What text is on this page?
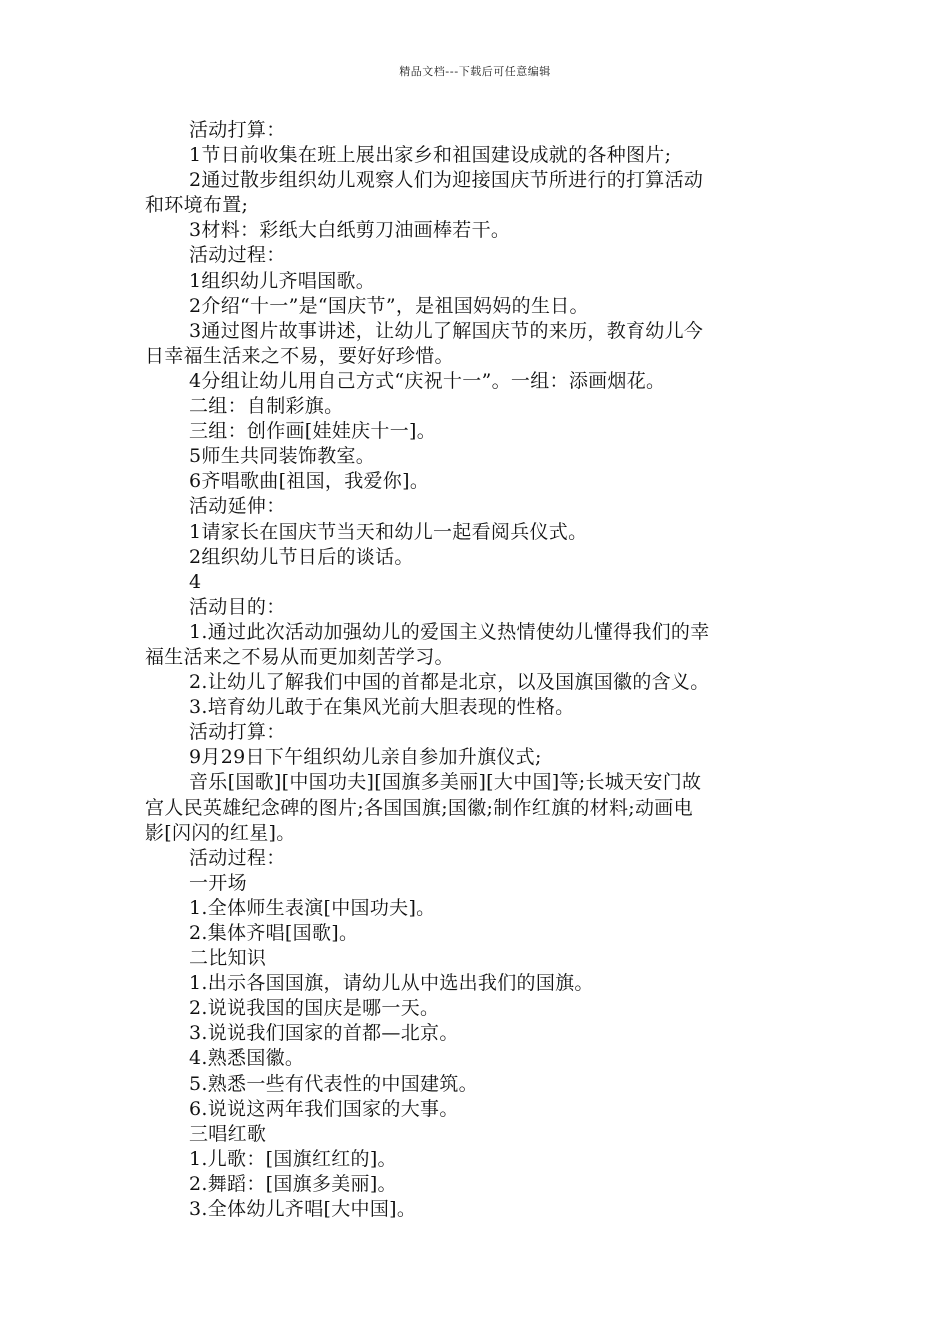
精品文档---下载后可任意编辑
活动打算：
1节日前收集在班上展出家乡和祖国建设成就的各种图片;
2通过散步组织幼儿观察人们为迎接国庆节所进行的打算活动
和环境布置;
3材料：彩纸大白纸剪刀油画棒若干。
活动过程：
1组织幼儿齐唱国歌。
2介绍“十一”是“国庆节”，是祖国妈妈的生日。
3通过图片故事讲述，让幼儿了解国庆节的来历，教育幼儿今
日幸福生活来之不易，要好好珍惜。
4分组让幼儿用自己方式“庆祝十一”。一组：添画烟花。
二组：自制彩旗。
三组：创作画[娃娃庆十一]。
5师生共同装饰教室。
6齐唱歌曲[祖国，我爱你]。
活动延伸：
1请家长在国庆节当天和幼儿一起看阅兵仪式。
2组织幼儿节日后的谈话。
4
活动目的：
1.通过此次活动加强幼儿的爱国主义热情使幼儿懂得我们的幸
福生活来之不易从而更加刻苦学习。
2.让幼儿了解我们中国的首都是北京，以及国旗国徽的含义。
3.培育幼儿敢于在集风光前大胆表现的性格。
活动打算：
9月29日下午组织幼儿亲自参加升旗仪式;
音乐[国歌][中国功夫][国旗多美丽][大中国]等;长城天安门故
宫人民英雄纪念碑的图片;各国国旗;国徽;制作红旗的材料;动画电
影[闪闪的红星]。
活动过程：
一开场
1.全体师生表演[中国功夫]。
2.集体齐唱[国歌]。
二比知识
1.出示各国国旗，请幼儿从中选出我们的国旗。
2.说说我国的国庆是哪一天。
3.说说我们国家的首都—北京。
4.熟悉国徽。
5.熟悉一些有代表性的中国建筑。
6.说说这两年我们国家的大事。
三唱红歌
1.儿歌：[国旗红红的]。
2.舞蹈：[国旗多美丽]。
3.全体幼儿齐唱[大中国]。
